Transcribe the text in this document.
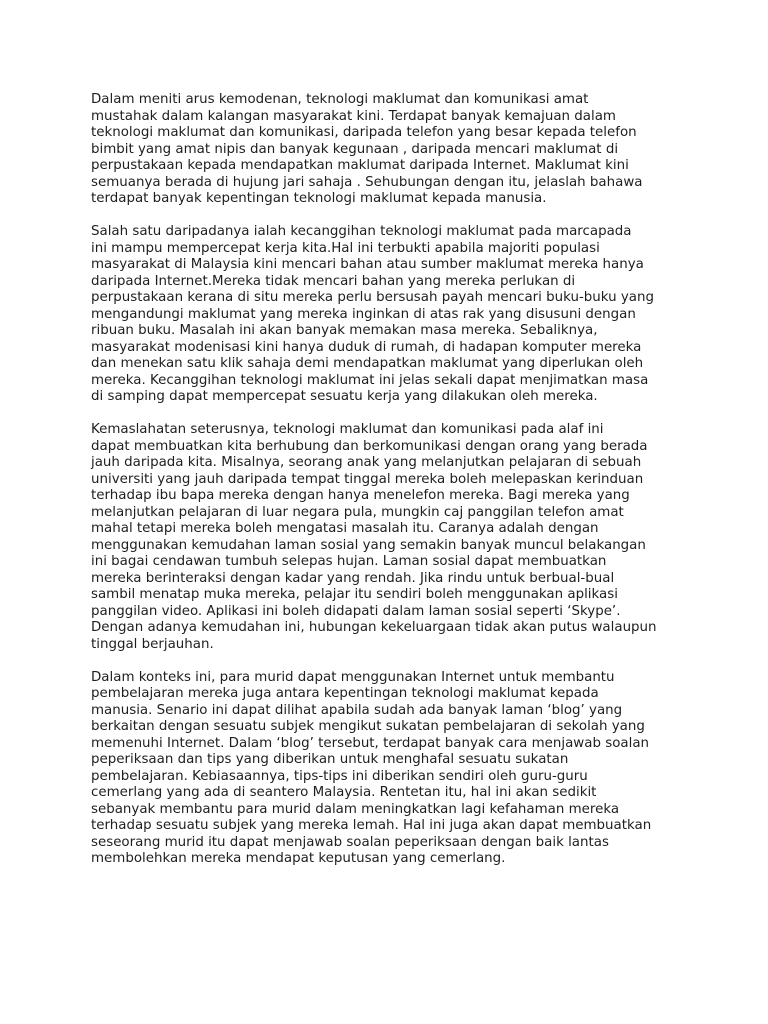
Dalam meniti arus kemodenan, teknologi maklumat dan komunikasi amat
mustahak dalam kalangan masyarakat kini. Terdapat banyak kemajuan dalam
teknologi maklumat dan komunikasi, daripada telefon yang besar kepada telefon
bimbit yang amat nipis dan banyak kegunaan , daripada mencari maklumat di
perpustakaan kepada mendapatkan maklumat daripada Internet. Maklumat kini
semuanya berada di hujung jari sahaja . Sehubungan dengan itu, jelaslah bahawa
terdapat banyak kepentingan teknologi maklumat kepada manusia.

Salah satu daripadanya ialah kecanggihan teknologi maklumat pada marcapada
ini mampu mempercepat kerja kita.Hal ini terbukti apabila majoriti populasi
masyarakat di Malaysia kini mencari bahan atau sumber maklumat mereka hanya
daripada Internet.Mereka tidak mencari bahan yang mereka perlukan di
perpustakaan kerana di situ mereka perlu bersusah payah mencari buku-buku yang
mengandungi maklumat yang mereka inginkan di atas rak yang disusuni dengan
ribuan buku. Masalah ini akan banyak memakan masa mereka. Sebaliknya,
masyarakat modenisasi kini hanya duduk di rumah, di hadapan komputer mereka
dan menekan satu klik sahaja demi mendapatkan maklumat yang diperlukan oleh
mereka. Kecanggihan teknologi maklumat ini jelas sekali dapat menjimatkan masa
di samping dapat mempercepat sesuatu kerja yang dilakukan oleh mereka.

Kemaslahatan seterusnya, teknologi maklumat dan komunikasi pada alaf ini
dapat membuatkan kita berhubung dan berkomunikasi dengan orang yang berada
jauh daripada kita. Misalnya, seorang anak yang melanjutkan pelajaran di sebuah
universiti yang jauh daripada tempat tinggal mereka boleh melepaskan kerinduan
terhadap ibu bapa mereka dengan hanya menelefon mereka. Bagi mereka yang
melanjutkan pelajaran di luar negara pula, mungkin caj panggilan telefon amat
mahal tetapi mereka boleh mengatasi masalah itu. Caranya adalah dengan
menggunakan kemudahan laman sosial yang semakin banyak muncul belakangan
ini bagai cendawan tumbuh selepas hujan. Laman sosial dapat membuatkan
mereka berinteraksi dengan kadar yang rendah. Jika rindu untuk berbual-bual
sambil menatap muka mereka, pelajar itu sendiri boleh menggunakan aplikasi
panggilan video. Aplikasi ini boleh didapati dalam laman sosial seperti ‘Skype’.
Dengan adanya kemudahan ini, hubungan kekeluargaan tidak akan putus walaupun
tinggal berjauhan.

Dalam konteks ini, para murid dapat menggunakan Internet untuk membantu
pembelajaran mereka juga antara kepentingan teknologi maklumat kepada
manusia. Senario ini dapat dilihat apabila sudah ada banyak laman ‘blog’ yang
berkaitan dengan sesuatu subjek mengikut sukatan pembelajaran di sekolah yang
memenuhi Internet. Dalam ‘blog’ tersebut, terdapat banyak cara menjawab soalan
peperiksaan dan tips yang diberikan untuk menghafal sesuatu sukatan
pembelajaran. Kebiasaannya, tips-tips ini diberikan sendiri oleh guru-guru
cemerlang yang ada di seantero Malaysia. Rentetan itu, hal ini akan sedikit
sebanyak membantu para murid dalam meningkatkan lagi kefahaman mereka
terhadap sesuatu subjek yang mereka lemah. Hal ini juga akan dapat membuatkan
seseorang murid itu dapat menjawab soalan peperiksaan dengan baik lantas
membolehkan mereka mendapat keputusan yang cemerlang.
